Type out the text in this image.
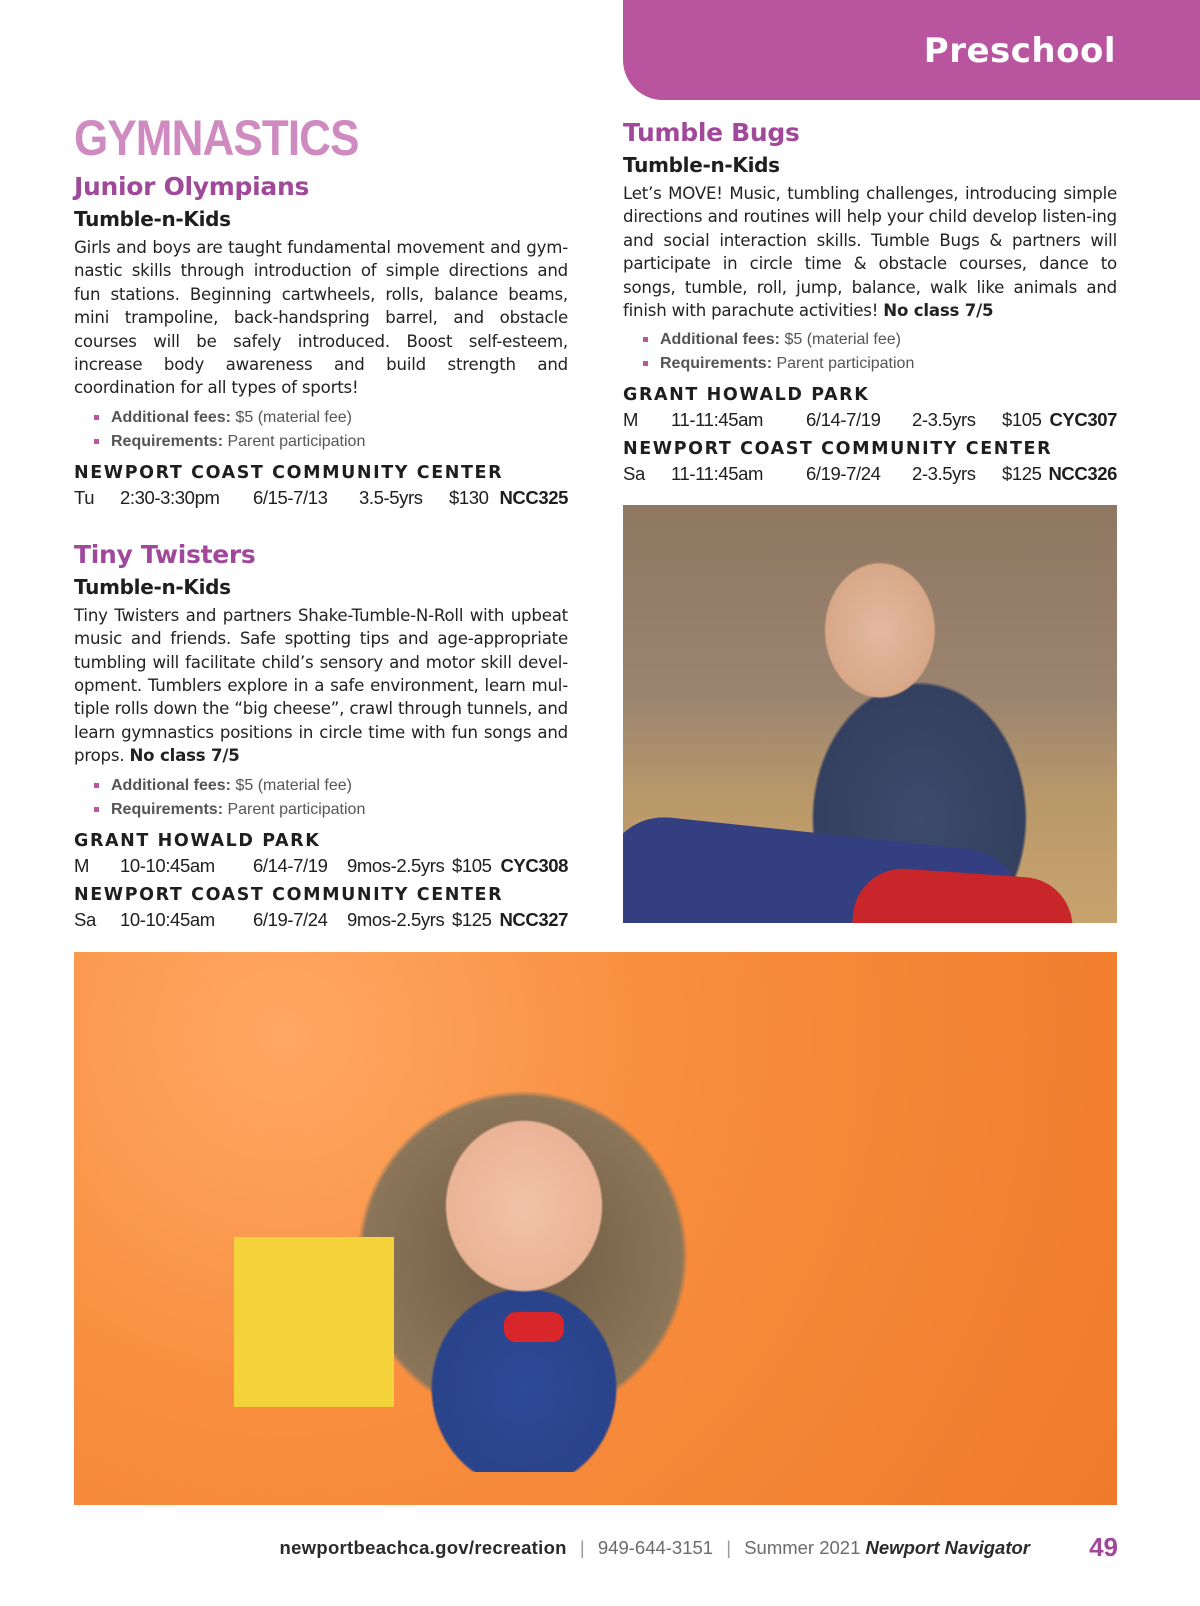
Preschool
GYMNASTICS
Junior Olympians
Tumble-n-Kids

Girls and boys are taught fundamental movement and gym-nastic skills through introduction of simple directions and fun stations. Beginning cartwheels, rolls, balance beams, mini trampoline, back-handspring barrel, and obstacle courses will be safely introduced. Boost self-esteem, increase body awareness and build strength and coordination for all types of sports!

Additional fees: $5 (material fee)
Requirements: Parent participation
NEWPORT COAST COMMUNITY CENTER
Tu	2:30-3:30pm	6/15-7/13	3.5-5yrs	$130 NCC325
Tiny Twisters
Tumble-n-Kids

Tiny Twisters and partners Shake-Tumble-N-Roll with upbeat music and friends. Safe spotting tips and age-appropriate tumbling will facilitate child’s sensory and motor skill devel-opment. Tumblers explore in a safe environment, learn mul-tiple rolls down the “big cheese”, crawl through tunnels, and learn gymnastics positions in circle time with fun songs and props. No class 7/5

Additional fees: $5 (material fee)
Requirements: Parent participation
GRANT HOWALD PARK
M	10-10:45am	6/14-7/19	9mos-2.5yrs $105 CYC308
NEWPORT COAST COMMUNITY CENTER
Sa	10-10:45am	6/19-7/24	9mos-2.5yrs $125 NCC327
Tumble Bugs
Tumble-n-Kids

Let’s MOVE! Music, tumbling challenges, introducing simple directions and routines will help your child develop listen-ing and social interaction skills. Tumble Bugs & partners will participate in circle time & obstacle courses, dance to songs, tumble, roll, jump, balance, walk like animals and finish with parachute activities! No class 7/5

Additional fees: $5 (material fee)
Requirements: Parent participation
GRANT HOWALD PARK
M	11-11:45am	6/14-7/19	2-3.5yrs	$105 CYC307
NEWPORT COAST COMMUNITY CENTER
Sa	11-11:45am	6/19-7/24	2-3.5yrs	$125 NCC326
newportbeachca.gov/recreation | 949-644-3151 | Summer 2021 Newport Navigator 49
